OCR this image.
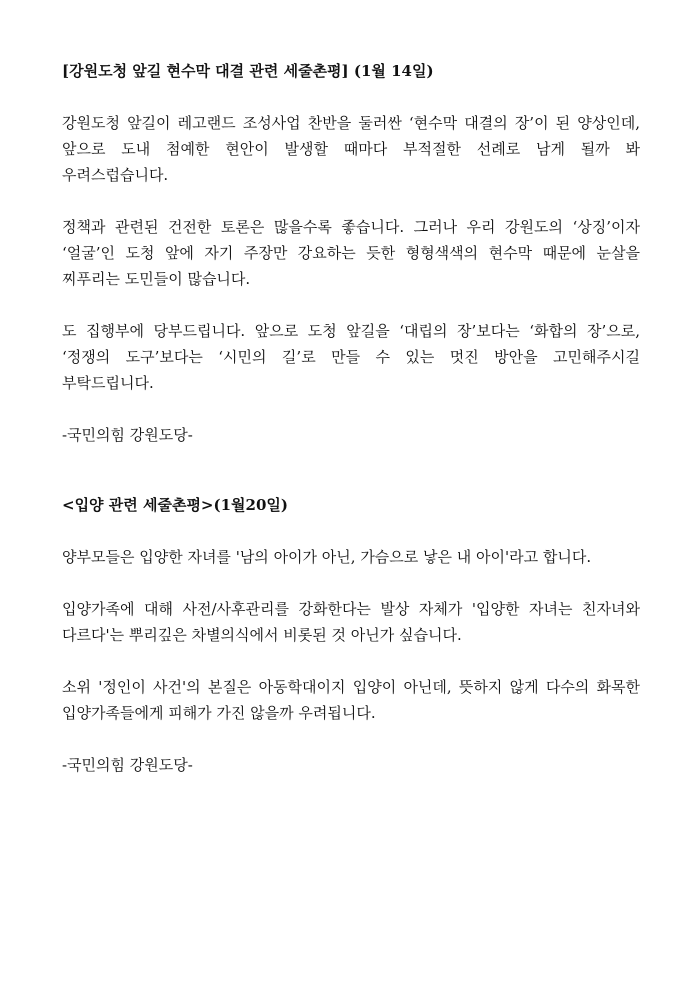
[강원도청 앞길 현수막 대결 관련 세줄촌평] (1월 14일)

강원도청 앞길이 레고랜드 조성사업 찬반을 둘러싼 ‘현수막 대결의 장’이 된 양상인데, 앞으로 도내 첨예한 현안이 발생할 때마다 부적절한 선례로 남게 될까 봐 우려스럽습니다.

정책과 관련된 건전한 토론은 많을수록 좋습니다. 그러나 우리 강원도의 ‘상징’이자 ‘얼굴’인 도청 앞에 자기 주장만 강요하는 듯한 형형색색의 현수막 때문에 눈살을 찌푸리는 도민들이 많습니다.

도 집행부에 당부드립니다. 앞으로 도청 앞길을 ‘대립의 장’보다는 ‘화합의 장’으로, ‘정쟁의 도구’보다는 ‘시민의 길’로 만들 수 있는 멋진 방안을 고민해주시길 부탁드립니다.

-국민의힘 강원도당-

<입양 관련 세줄촌평>(1월20일)

양부모들은 입양한 자녀를 '남의 아이가 아닌, 가슴으로 낳은 내 아이'라고 합니다.

입양가족에 대해 사전/사후관리를 강화한다는 발상 자체가 '입양한 자녀는 친자녀와 다르다'는 뿌리깊은 차별의식에서 비롯된 것 아닌가 싶습니다.

소위 '정인이 사건'의 본질은 아동학대이지 입양이 아닌데, 뜻하지 않게 다수의 화목한 입양가족들에게 피해가 가진 않을까 우려됩니다.

-국민의힘 강원도당-
